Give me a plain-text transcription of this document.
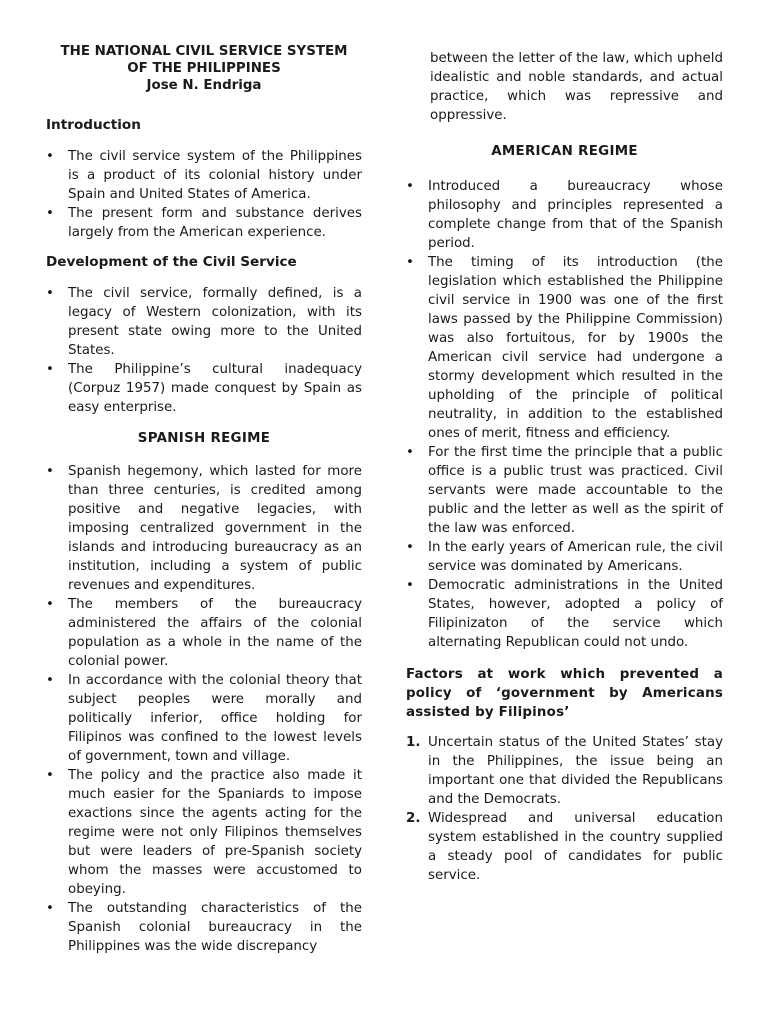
THE NATIONAL CIVIL SERVICE SYSTEM
OF THE PHILIPPINES
Jose N. Endriga
Introduction
• The civil service system of the Philippines is a product of its colonial history under Spain and United States of America.
• The present form and substance derives largely from the American experience.
Development of the Civil Service
• The civil service, formally defined, is a legacy of Western colonization, with its present state owing more to the United States.
• The Philippine’s cultural inadequacy (Corpuz 1957) made conquest by Spain as easy enterprise.
SPANISH REGIME
• Spanish hegemony, which lasted for more than three centuries, is credited among positive and negative legacies, with imposing centralized government in the islands and introducing bureaucracy as an institution, including a system of public revenues and expenditures.
• The members of the bureaucracy administered the affairs of the colonial population as a whole in the name of the colonial power.
• In accordance with the colonial theory that subject peoples were morally and politically inferior, office holding for Filipinos was confined to the lowest levels of government, town and village.
• The policy and the practice also made it much easier for the Spaniards to impose exactions since the agents acting for the regime were not only Filipinos themselves but were leaders of pre-Spanish society whom the masses were accustomed to obeying.
• The outstanding characteristics of the Spanish colonial bureaucracy in the Philippines was the wide discrepancy

between the letter of the law, which upheld idealistic and noble standards, and actual practice, which was repressive and oppressive.

AMERICAN REGIME
• Introduced a bureaucracy whose philosophy and principles represented a complete change from that of the Spanish period.
• The timing of its introduction (the legislation which established the Philippine civil service in 1900 was one of the first laws passed by the Philippine Commission) was also fortuitous, for by 1900s the American civil service had undergone a stormy development which resulted in the upholding of the principle of political neutrality, in addition to the established ones of merit, fitness and efficiency.
• For the first time the principle that a public office is a public trust was practiced. Civil servants were made accountable to the public and the letter as well as the spirit of the law was enforced.
• In the early years of American rule, the civil service was dominated by Americans.
• Democratic administrations in the United States, however, adopted a policy of Filipinizaton of the service which alternating Republican could not undo.
Factors at work which prevented a policy of ‘government by Americans assisted by Filipinos’
1. Uncertain status of the United States’ stay in the Philippines, the issue being an important one that divided the Republicans and the Democrats.
2. Widespread and universal education system established in the country supplied a steady pool of candidates for public service.
